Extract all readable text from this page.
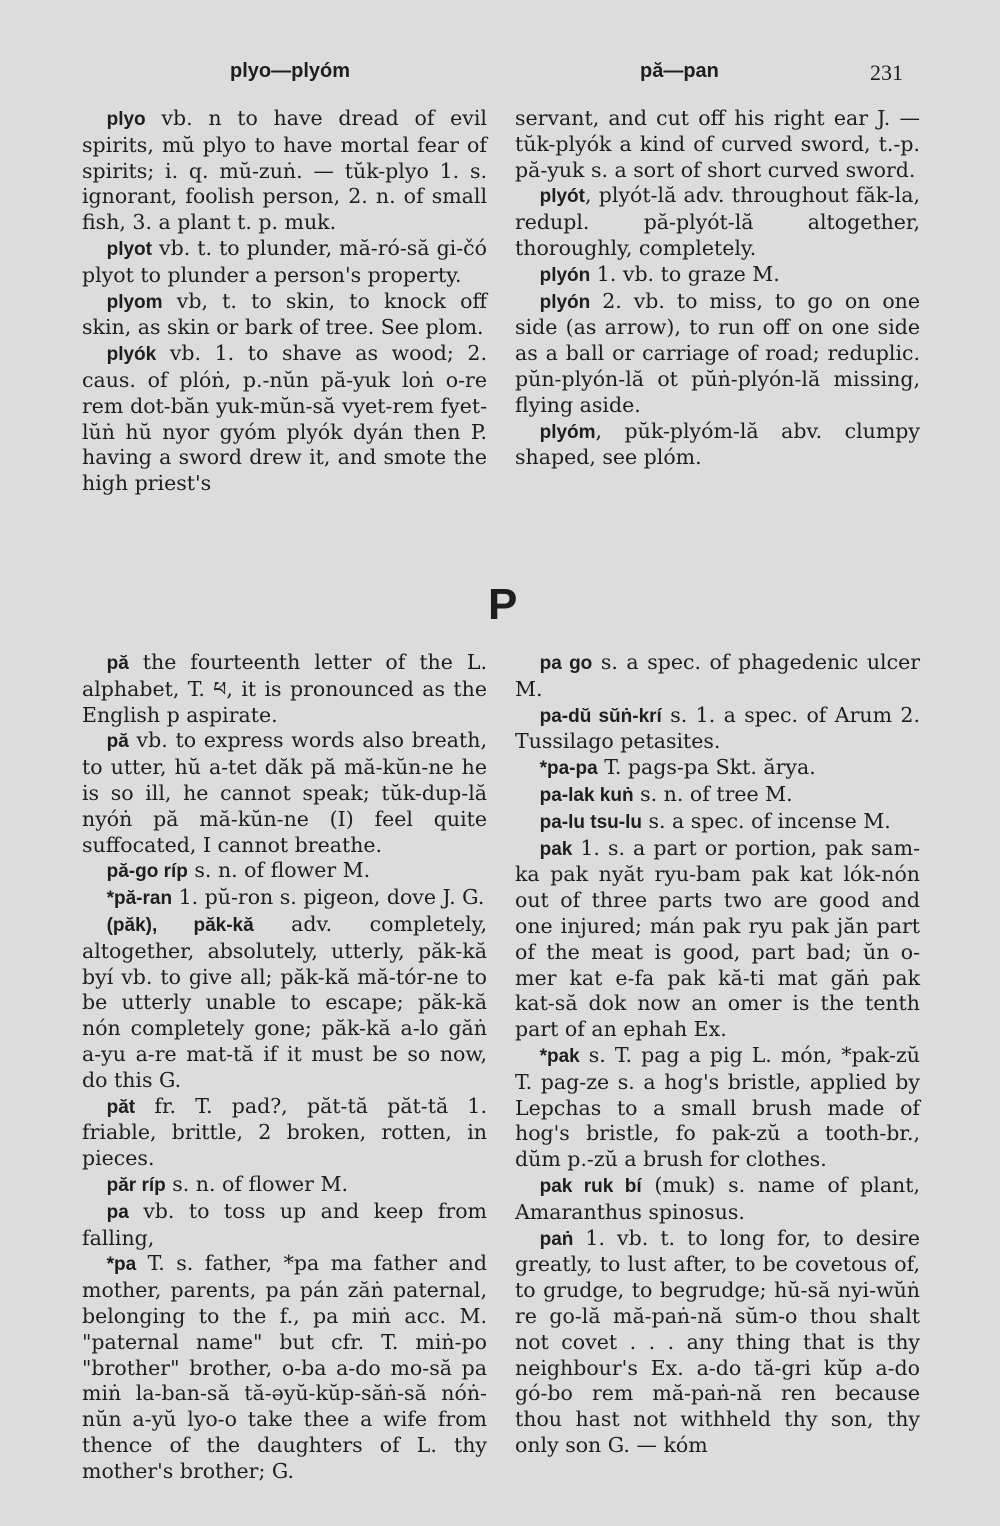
plyo—plyóm	pă—pan	231

plyo vb. n to have dread of evil spirits, mŭ plyo to have mortal fear of spirits; i. q. mŭ-zuṅ. — tŭk-plyo 1. s. ignorant, foolish person, 2. n. of small fish, 3. a plant t. p. muk.

plyot vb. t. to plunder, mă-ró-să gi-čó plyot to plunder a person's property.

plyom vb, t. to skin, to knock off skin, as skin or bark of tree. See plom.

plyók vb. 1. to shave as wood; 2. caus. of plóṅ, p.-nŭn pă-yuk loṅ o-re rem dot-băn yuk-mŭn-să vyet-rem fyet-lŭṅ hŭ nyor gyóm plyók dyán then P. having a sword drew it, and smote the high priest's

servant, and cut off his right ear J. — tŭk-plyók a kind of curved sword, t.-p. pă-yuk s. a sort of short curved sword.

plyót, plyót-lă adv. throughout făk-la, redupl. pă-plyót-lă altogether, thoroughly, completely.

plyón 1. vb. to graze M.

plyón 2. vb. to miss, to go on one side (as arrow), to run off on one side as a ball or carriage of road; reduplic. pŭn-plyón-lă ot pŭṅ-plyón-lă missing, flying aside.

plyóm, pŭk-plyóm-lă abv. clumpy shaped, see plóm.

P

pă the fourteenth letter of the L. alphabet, T. ཕ, it is pronounced as the English p aspirate.

pă vb. to express words also breath, to utter, hŭ a-tet dăk pă mă-kŭn-ne he is so ill, he cannot speak; tŭk-dup-lă nyóṅ pă mă-kŭn-ne (I) feel quite suffocated, I cannot breathe.

pă-go ríp s. n. of flower M.

*pă-ran 1. pŭ-ron s. pigeon, dove J. G.

(păk), păk-kă adv. completely, altogether, absolutely, utterly, păk-kă byí vb. to give all; păk-kă mă-tór-ne to be utterly unable to escape; păk-kă nón completely gone; păk-kă a-lo găṅ a-yu a-re mat-tă if it must be so now, do this G.

păt fr. T. pad?, păt-tă păt-tă 1. friable, brittle, 2 broken, rotten, in pieces.

păr ríp s. n. of flower M.

pa vb. to toss up and keep from falling,

*pa T. s. father, *pa ma father and mother, parents, pa pán zăṅ paternal, belonging to the f., pa miṅ acc. M. "paternal name" but cfr. T. miṅ-po "brother" brother, o-ba a-do mo-să pa miṅ la-ban-să tă-ǝyŭ-kŭp-săṅ-să nóṅ-nŭn a-yŭ lyo-o take thee a wife from thence of the daughters of L. thy mother's brother; G.

pa go s. a spec. of phagedenic ulcer M.

pa-dŭ sŭṅ-krí s. 1. a spec. of Arum 2. Tussilago petasites.

*pa-pa T. pags-pa Skt. ărya.

pa-lak kuṅ s. n. of tree M.

pa-lu tsu-lu s. a spec. of incense M.

pak 1. s. a part or portion, pak sam-ka pak nyăt ryu-bam pak kat lók-nón out of three parts two are good and one injured; mán pak ryu pak jăn part of the meat is good, part bad; ŭn o-mer kat e-fa pak kă-ti mat găṅ pak kat-să dok now an omer is the tenth part of an ephah Ex.

*pak s. T. pag a pig L. món, *pak-zŭ T. pag-ze s. a hog's bristle, applied by Lepchas to a small brush made of hog's bristle, fo pak-zŭ a tooth-br., dŭm p.-zŭ a brush for clothes.

pak ruk bí (muk) s. name of plant, Amaranthus spinosus.

paṅ 1. vb. t. to long for, to desire greatly, to lust after, to be covetous of, to grudge, to begrudge; hŭ-să nyi-wŭṅ re go-lă mă-paṅ-nă sŭm-o thou shalt not covet . . . any thing that is thy neighbour's Ex. a-do tă-gri kŭp a-do gó-bo rem mă-paṅ-nă ren because thou hast not withheld thy son, thy only son G. — kóm
